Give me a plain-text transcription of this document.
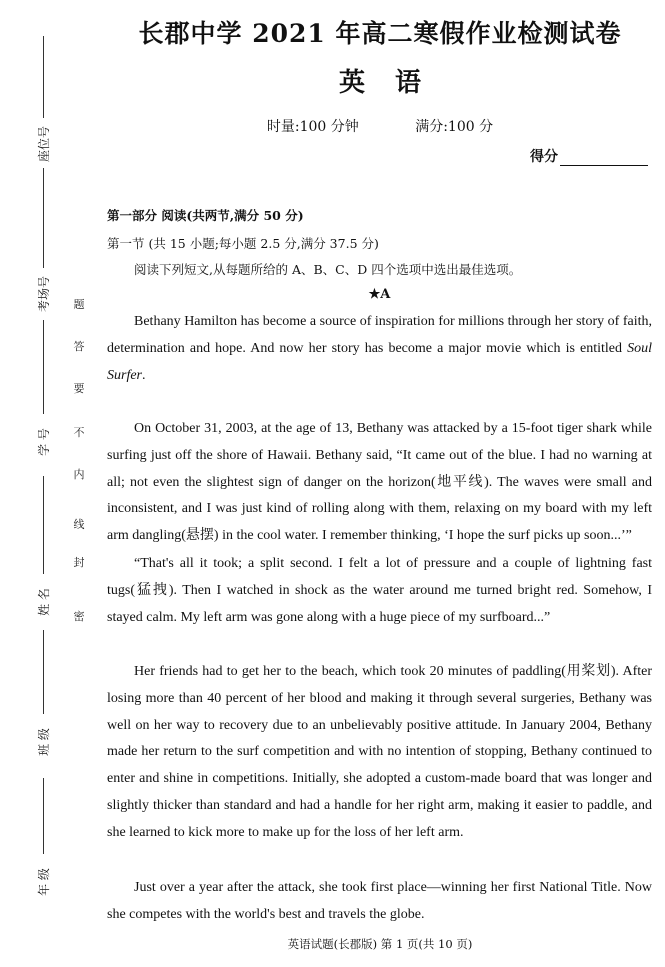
座位号
考场号
学 号
姓 名
班 级
年 级
密
封
线
内
不
要
答
题
长郡中学 2021 年高二寒假作业检测试卷
英语
时量:100 分钟	满分:100 分
得分
第一部分 阅读(共两节,满分 50 分)
第一节 (共 15 小题;每小题 2.5 分,满分 37.5 分)
阅读下列短文,从每题所给的 A、B、C、D 四个选项中选出最佳选项。
★A

Bethany Hamilton has become a source of inspiration for millions through her story of faith, determination and hope. And now her story has become a major movie which is entitled Soul Surfer.

On October 31, 2003, at the age of 13, Bethany was attacked by a 15-foot tiger shark while surfing just off the shore of Hawaii. Bethany said, “It came out of the blue. I had no warning at all; not even the slightest sign of danger on the horizon(地平线). The waves were small and inconsistent, and I was just kind of rolling along with them, relaxing on my board with my left arm dangling(悬摆) in the cool water. I remember thinking, ‘I hope the surf picks up soon...’”

“That's all it took; a split second. I felt a lot of pressure and a couple of lightning fast tugs(猛拽). Then I watched in shock as the water around me turned bright red. Somehow, I stayed calm. My left arm was gone along with a huge piece of my surfboard...”

Her friends had to get her to the beach, which took 20 minutes of paddling(用桨划). After losing more than 40 percent of her blood and making it through several surgeries, Bethany was well on her way to recovery due to an unbelievably positive attitude. In January 2004, Bethany made her return to the surf competition and with no intention of stopping, Bethany continued to enter and shine in competitions. Initially, she adopted a custom-made board that was longer and slightly thicker than standard and had a handle for her right arm, making it easier to paddle, and she learned to kick more to make up for the loss of her left arm.

Just over a year after the attack, she took first place—winning her first National Title. Now she competes with the world's best and travels the globe.

英语试题(长郡版) 第 1 页(共 10 页)
